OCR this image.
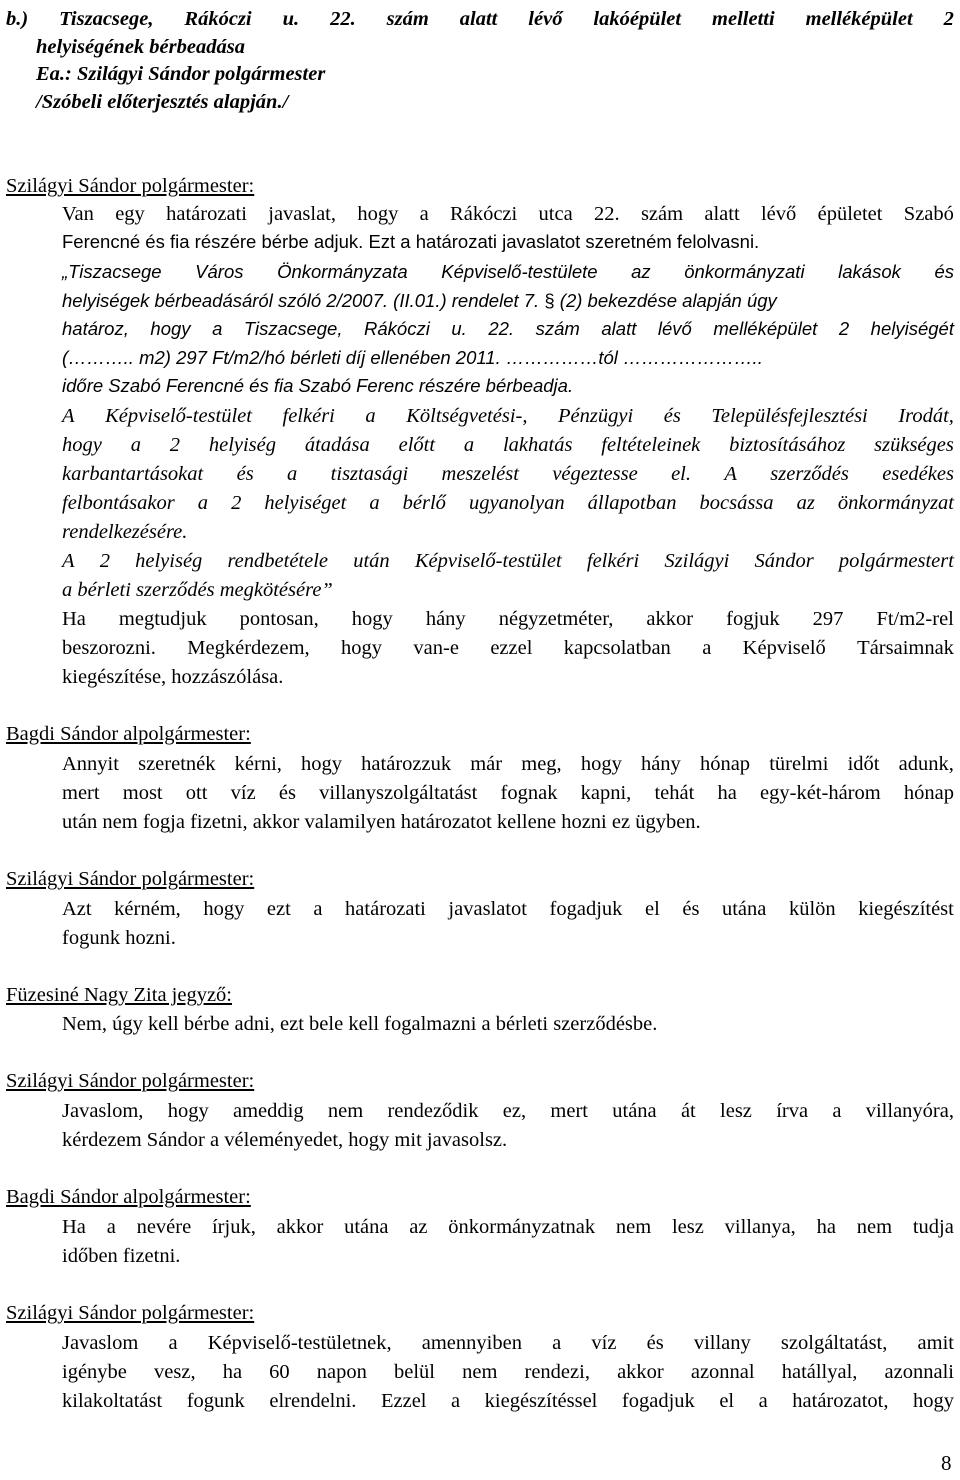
b.) Tiszacsege, Rákóczi u. 22. szám alatt lévő lakóépület melletti melléképület 2
helyiségének bérbeadása
Ea.: Szilágyi Sándor polgármester
/Szóbeli előterjesztés alapján./
Szilágyi Sándor polgármester:
Van egy határozati javaslat, hogy a Rákóczi utca 22. szám alatt lévő épületet Szabó
Ferencné és fia részére bérbe adjuk. Ezt a határozati javaslatot szeretném felolvasni.
„Tiszacsege Város Önkormányzata Képviselő-testülete az önkormányzati lakások és
helyiségek bérbeadásáról szóló 2/2007. (II.01.) rendelet 7. § (2) bekezdése alapján úgy
határoz, hogy a Tiszacsege, Rákóczi u. 22. szám alatt lévő melléképület 2 helyiségét
(……….. m2) 297 Ft/m2/hó bérleti díj ellenében 2011. ……………tól …………………..
időre Szabó Ferencné és fia Szabó Ferenc részére bérbeadja.
A Képviselő-testület felkéri a Költségvetési-, Pénzügyi és Településfejlesztési Irodát,
hogy a 2 helyiség átadása előtt a lakhatás feltételeinek biztosításához szükséges
karbantartásokat és a tisztasági meszelést végeztesse el. A szerződés esedékes
felbontásakor a 2 helyiséget a bérlő ugyanolyan állapotban bocsássa az önkormányzat
rendelkezésére.
A 2 helyiség rendbetétele után Képviselő-testület felkéri Szilágyi Sándor polgármestert
a bérleti szerződés megkötésére”
Ha megtudjuk pontosan, hogy hány négyzetméter, akkor fogjuk 297 Ft/m2-rel
beszorozni. Megkérdezem, hogy van-e ezzel kapcsolatban a Képviselő Társaimnak
kiegészítése, hozzászólása.
Bagdi Sándor alpolgármester:
Annyit szeretnék kérni, hogy határozzuk már meg, hogy hány hónap türelmi időt adunk,
mert most ott víz és villanyszolgáltatást fognak kapni, tehát ha egy-két-három hónap
után nem fogja fizetni, akkor valamilyen határozatot kellene hozni ez ügyben.
Szilágyi Sándor polgármester:
Azt kérném, hogy ezt a határozati javaslatot fogadjuk el és utána külön kiegészítést
fogunk hozni.
Füzesiné Nagy Zita jegyző:
Nem, úgy kell bérbe adni, ezt bele kell fogalmazni a bérleti szerződésbe.
Szilágyi Sándor polgármester:
Javaslom, hogy ameddig nem rendeződik ez, mert utána át lesz írva a villanyóra,
kérdezem Sándor a véleményedet, hogy mit javasolsz.
Bagdi Sándor alpolgármester:
Ha a nevére írjuk, akkor utána az önkormányzatnak nem lesz villanya, ha nem tudja
időben fizetni.
Szilágyi Sándor polgármester:
Javaslom a Képviselő-testületnek, amennyiben a víz és villany szolgáltatást, amit
igénybe vesz, ha 60 napon belül nem rendezi, akkor azonnal hatállyal, azonnali
kilakoltatást fogunk elrendelni. Ezzel a kiegészítéssel fogadjuk el a határozatot, hogy
8
